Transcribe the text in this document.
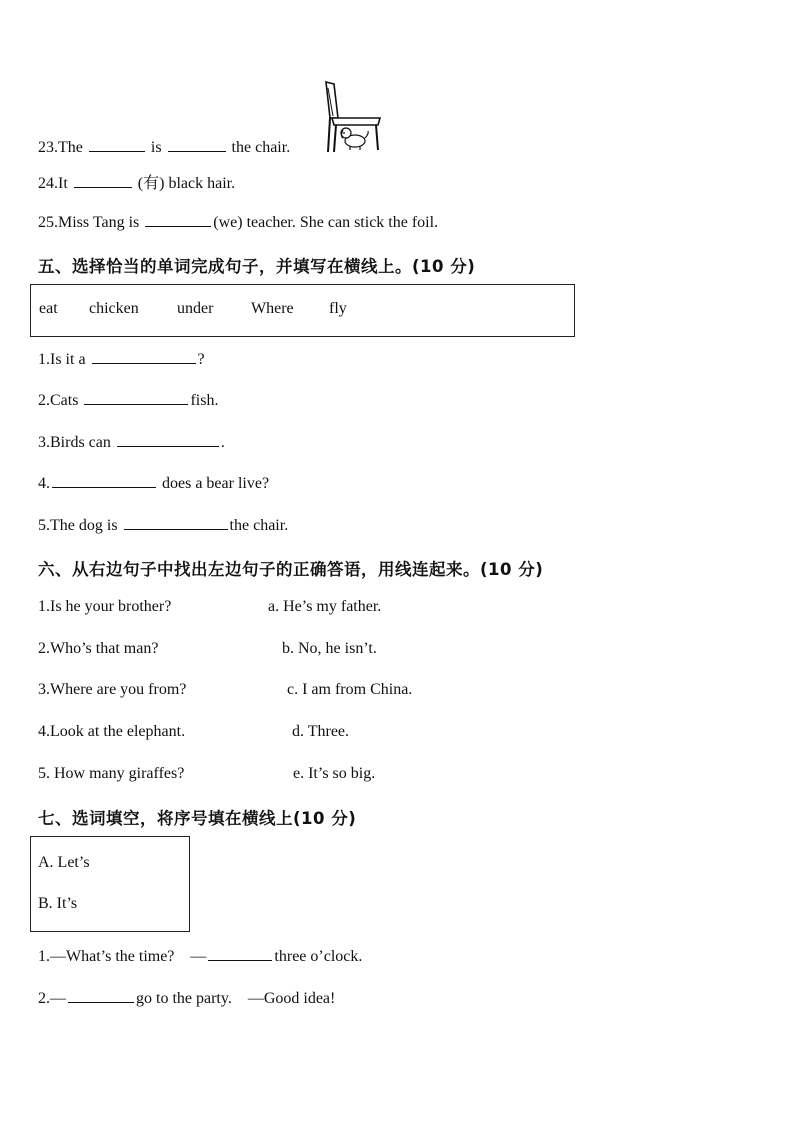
23.The	is	the chair.
24.It	(有) black hair.
25.Miss Tang is	(we) teacher. She can stick the foil.
五、选择恰当的单词完成句子，并填写在横线上。(10 分)
eat chicken under Where fly
1.Is it a	?
2.Cats	fish.
3.Birds can	.
4.	does a bear live?
5.The dog is	the chair.
六、从右边句子中找出左边句子的正确答语，用线连起来。(10 分)
1.Is he your brother?	a. He’s my father.
2.Who’s that man?	b. No, he isn’t.
3.Where are you from?	c. I am from China.
4.Look at the elephant.	d. Three.
5. How many giraffes?	e. It’s so big.
七、选词填空，将序号填在横线上(10 分)
A. Let’s
B. It’s
1.—What’s the time?　—	three o’clock.
2.—	go to the party.　—Good idea!
